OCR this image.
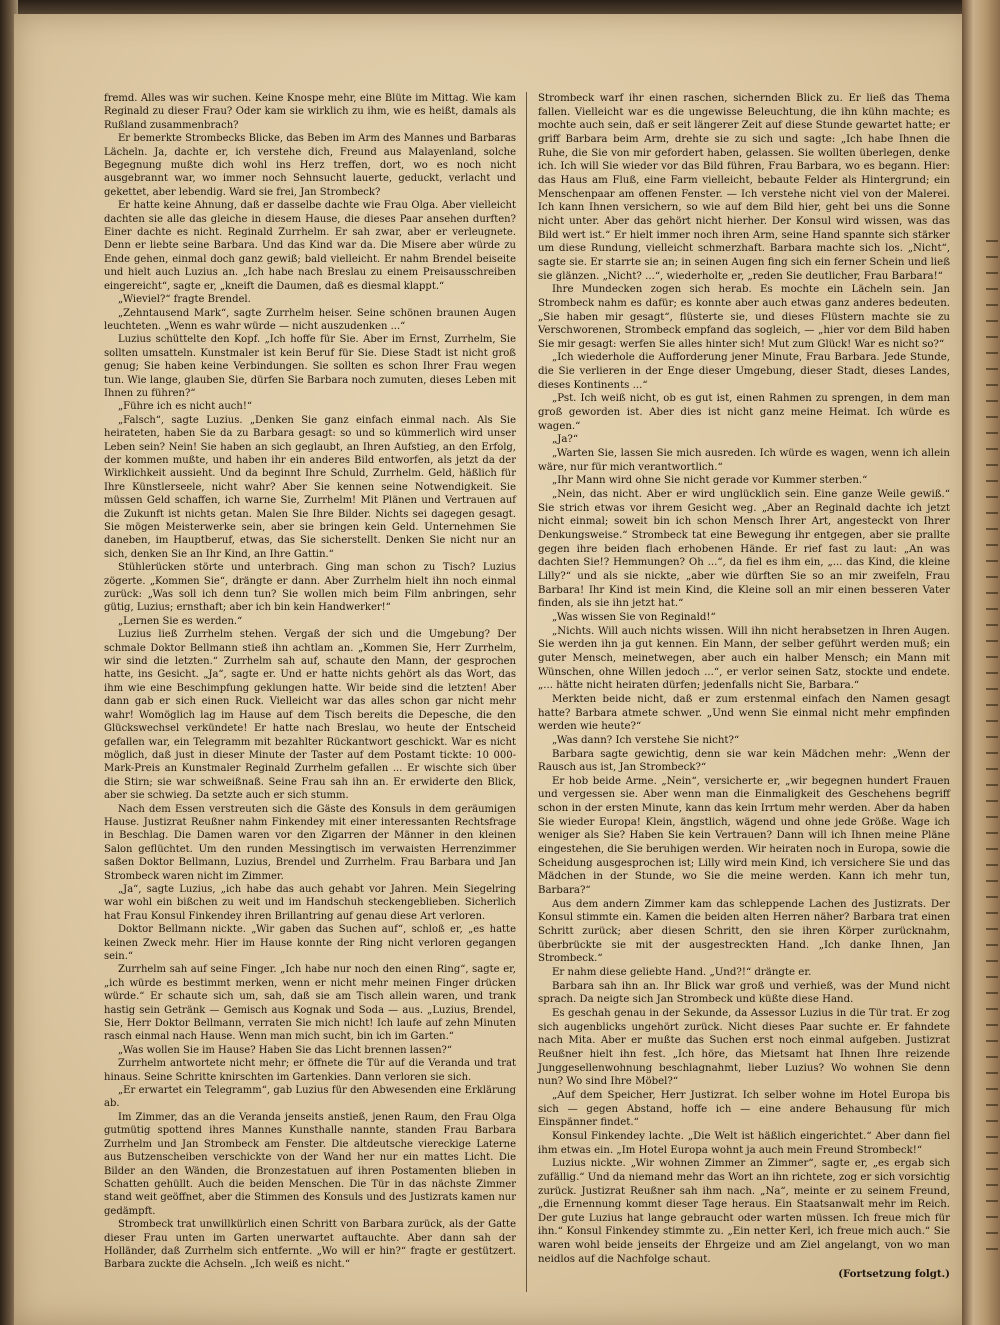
fremd. Alles was wir suchen. Keine Knospe mehr, eine Blüte im Mittag. Wie kam Reginald zu dieser Frau? Oder kam sie wirklich zu ihm, wie es heißt, damals als Rußland zusammenbrach?

Er bemerkte Strombecks Blicke, das Beben im Arm des Mannes und Barbaras Lächeln. Ja, dachte er, ich verstehe dich, Freund aus Malayenland, solche Begegnung mußte dich wohl ins Herz treffen, dort, wo es noch nicht ausgebrannt war, wo immer noch Sehnsucht lauerte, geduckt, verlacht und gekettet, aber lebendig. Ward sie frei, Jan Strombeck?

Er hatte keine Ahnung, daß er dasselbe dachte wie Frau Olga. Aber vielleicht dachten sie alle das gleiche in diesem Hause, die dieses Paar ansehen durften? Einer dachte es nicht. Reginald Zurrhelm. Er sah zwar, aber er verleugnete. Denn er liebte seine Barbara. Und das Kind war da. Die Misere aber würde zu Ende gehen, einmal doch ganz gewiß; bald vielleicht. Er nahm Brendel beiseite und hielt auch Luzius an. „Ich habe nach Breslau zu einem Preisausschreiben eingereicht“, sagte er, „kneift die Daumen, daß es diesmal klappt.“

„Wieviel?“ fragte Brendel.

„Zehntausend Mark“, sagte Zurrhelm heiser. Seine schönen braunen Augen leuchteten. „Wenn es wahr würde — nicht auszudenken ...“

Luzius schüttelte den Kopf. „Ich hoffe für Sie. Aber im Ernst, Zurrhelm, Sie sollten umsatteln. Kunstmaler ist kein Beruf für Sie. Diese Stadt ist nicht groß genug; Sie haben keine Verbindungen. Sie sollten es schon Ihrer Frau wegen tun. Wie lange, glauben Sie, dürfen Sie Barbara noch zumuten, dieses Leben mit Ihnen zu führen?“

„Führe ich es nicht auch!“

„Falsch“, sagte Luzius. „Denken Sie ganz einfach einmal nach. Als Sie heirateten, haben Sie da zu Barbara gesagt: so und so kümmerlich wird unser Leben sein? Nein! Sie haben an sich geglaubt, an Ihren Aufstieg, an den Erfolg, der kommen mußte, und haben ihr ein anderes Bild entworfen, als jetzt da der Wirklichkeit aussieht. Und da beginnt Ihre Schuld, Zurrhelm. Geld, häßlich für Ihre Künstlerseele, nicht wahr? Aber Sie kennen seine Notwendigkeit. Sie müssen Geld schaffen, ich warne Sie, Zurrhelm! Mit Plänen und Vertrauen auf die Zukunft ist nichts getan. Malen Sie Ihre Bilder. Nichts sei dagegen gesagt. Sie mögen Meisterwerke sein, aber sie bringen kein Geld. Unternehmen Sie daneben, im Hauptberuf, etwas, das Sie sicherstellt. Denken Sie nicht nur an sich, denken Sie an Ihr Kind, an Ihre Gattin.“

Stühlerücken störte und unterbrach. Ging man schon zu Tisch? Luzius zögerte. „Kommen Sie“, drängte er dann. Aber Zurrhelm hielt ihn noch einmal zurück: „Was soll ich denn tun? Sie wollen mich beim Film anbringen, sehr gütig, Luzius; ernsthaft; aber ich bin kein Handwerker!“

„Lernen Sie es werden.“

Luzius ließ Zurrhelm stehen. Vergaß der sich und die Umgebung? Der schmale Doktor Bellmann stieß ihn achtlam an. „Kommen Sie, Herr Zurrhelm, wir sind die letzten.“ Zurrhelm sah auf, schaute den Mann, der gesprochen hatte, ins Gesicht. „Ja“, sagte er. Und er hatte nichts gehört als das Wort, das ihm wie eine Beschimpfung geklungen hatte. Wir beide sind die letzten! Aber dann gab er sich einen Ruck. Vielleicht war das alles schon gar nicht mehr wahr! Womöglich lag im Hause auf dem Tisch bereits die Depesche, die den Glückswechsel verkündete! Er hatte nach Breslau, wo heute der Entscheid gefallen war, ein Telegramm mit bezahlter Rückantwort geschickt. War es nicht möglich, daß just in dieser Minute der Taster auf dem Postamt tickte: 10 000-Mark-Preis an Kunstmaler Reginald Zurrhelm gefallen ... Er wischte sich über die Stirn; sie war schweißnaß. Seine Frau sah ihn an. Er erwiderte den Blick, aber sie schwieg. Da setzte auch er sich stumm.

Nach dem Essen verstreuten sich die Gäste des Konsuls in dem geräumigen Hause. Justizrat Reußner nahm Finkendey mit einer interessanten Rechtsfrage in Beschlag. Die Damen waren vor den Zigarren der Männer in den kleinen Salon geflüchtet. Um den runden Messingtisch im verwaisten Herrenzimmer saßen Doktor Bellmann, Luzius, Brendel und Zurrhelm. Frau Barbara und Jan Strombeck waren nicht im Zimmer.

„Ja“, sagte Luzius, „ich habe das auch gehabt vor Jahren. Mein Siegelring war wohl ein bißchen zu weit und im Handschuh steckengeblieben. Sicherlich hat Frau Konsul Finkendey ihren Brillantring auf genau diese Art verloren.

Doktor Bellmann nickte. „Wir gaben das Suchen auf“, schloß er, „es hatte keinen Zweck mehr. Hier im Hause konnte der Ring nicht verloren gegangen sein.“

Zurrhelm sah auf seine Finger. „Ich habe nur noch den einen Ring“, sagte er, „ich würde es bestimmt merken, wenn er nicht mehr meinen Finger drücken würde.“ Er schaute sich um, sah, daß sie am Tisch allein waren, und trank hastig sein Getränk — Gemisch aus Kognak und Soda — aus. „Luzius, Brendel, Sie, Herr Doktor Bellmann, verraten Sie mich nicht! Ich laufe auf zehn Minuten rasch einmal nach Hause. Wenn man mich sucht, bin ich im Garten.“

„Was wollen Sie im Hause? Haben Sie das Licht brennen lassen?“

Zurrhelm antwortete nicht mehr; er öffnete die Tür auf die Veranda und trat hinaus. Seine Schritte knirschten im Gartenkies. Dann verloren sie sich.

„Er erwartet ein Telegramm“, gab Luzius für den Abwesenden eine Erklärung ab.

Im Zimmer, das an die Veranda jenseits anstieß, jenen Raum, den Frau Olga gutmütig spottend ihres Mannes Kunsthalle nannte, standen Frau Barbara Zurrhelm und Jan Strombeck am Fenster. Die altdeutsche viereckige Laterne aus Butzenscheiben verschickte von der Wand her nur ein mattes Licht. Die Bilder an den Wänden, die Bronzestatuen auf ihren Postamenten blieben in Schatten gehüllt. Auch die beiden Menschen. Die Tür in das nächste Zimmer stand weit geöffnet, aber die Stimmen des Konsuls und des Justizrats kamen nur gedämpft.

Strombeck trat unwillkürlich einen Schritt von Barbara zurück, als der Gatte dieser Frau unten im Garten unerwartet auftauchte. Aber dann sah der Holländer, daß Zurrhelm sich entfernte. „Wo will er hin?“ fragte er gestützert. Barbara zuckte die Achseln. „Ich weiß es nicht.“

Strombeck warf ihr einen raschen, sichernden Blick zu. Er ließ das Thema fallen. Vielleicht war es die ungewisse Beleuchtung, die ihn kühn machte; es mochte auch sein, daß er seit längerer Zeit auf diese Stunde gewartet hatte; er griff Barbara beim Arm, drehte sie zu sich und sagte: „Ich habe Ihnen die Ruhe, die Sie von mir gefordert haben, gelassen. Sie wollten überlegen, denke ich. Ich will Sie wieder vor das Bild führen, Frau Barbara, wo es begann. Hier: das Haus am Fluß, eine Farm vielleicht, bebaute Felder als Hintergrund; ein Menschenpaar am offenen Fenster. — Ich verstehe nicht viel von der Malerei. Ich kann Ihnen versichern, so wie auf dem Bild hier, geht bei uns die Sonne nicht unter. Aber das gehört nicht hierher. Der Konsul wird wissen, was das Bild wert ist.“ Er hielt immer noch ihren Arm, seine Hand spannte sich stärker um diese Rundung, vielleicht schmerzhaft. Barbara machte sich los. „Nicht“, sagte sie. Er starrte sie an; in seinen Augen fing sich ein ferner Schein und ließ sie glänzen. „Nicht? ...“, wiederholte er, „reden Sie deutlicher, Frau Barbara!“

Ihre Mundecken zogen sich herab. Es mochte ein Lächeln sein. Jan Strombeck nahm es dafür; es konnte aber auch etwas ganz anderes bedeuten. „Sie haben mir gesagt“, flüsterte sie, und dieses Flüstern machte sie zu Verschworenen, Strombeck empfand das sogleich, — „hier vor dem Bild haben Sie mir gesagt: werfen Sie alles hinter sich! Mut zum Glück! War es nicht so?“

„Ich wiederhole die Aufforderung jener Minute, Frau Barbara. Jede Stunde, die Sie verlieren in der Enge dieser Umgebung, dieser Stadt, dieses Landes, dieses Kontinents ...“

„Pst. Ich weiß nicht, ob es gut ist, einen Rahmen zu sprengen, in dem man groß geworden ist. Aber dies ist nicht ganz meine Heimat. Ich würde es wagen.“

„Ja?“

„Warten Sie, lassen Sie mich ausreden. Ich würde es wagen, wenn ich allein wäre, nur für mich verantwortlich.“

„Ihr Mann wird ohne Sie nicht gerade vor Kummer sterben.“

„Nein, das nicht. Aber er wird unglücklich sein. Eine ganze Weile gewiß.“ Sie strich etwas vor ihrem Gesicht weg. „Aber an Reginald dachte ich jetzt nicht einmal; soweit bin ich schon Mensch Ihrer Art, angesteckt von Ihrer Denkungsweise.“ Strombeck tat eine Bewegung ihr entgegen, aber sie prallte gegen ihre beiden flach erhobenen Hände. Er rief fast zu laut: „An was dachten Sie!? Hemmungen? Oh ...“, da fiel es ihm ein, „... das Kind, die kleine Lilly?“ und als sie nickte, „aber wie dürften Sie so an mir zweifeln, Frau Barbara! Ihr Kind ist mein Kind, die Kleine soll an mir einen besseren Vater finden, als sie ihn jetzt hat.“

„Was wissen Sie von Reginald!“

„Nichts. Will auch nichts wissen. Will ihn nicht herabsetzen in Ihren Augen. Sie werden ihn ja gut kennen. Ein Mann, der selber geführt werden muß; ein guter Mensch, meinetwegen, aber auch ein halber Mensch; ein Mann mit Wünschen, ohne Willen jedoch ...“, er verlor seinen Satz, stockte und endete. „... hätte nicht heiraten dürfen; jedenfalls nicht Sie, Barbara.“

Merkten beide nicht, daß er zum erstenmal einfach den Namen gesagt hatte? Barbara atmete schwer. „Und wenn Sie einmal nicht mehr empfinden werden wie heute?“

„Was dann? Ich verstehe Sie nicht?“

Barbara sagte gewichtig, denn sie war kein Mädchen mehr: „Wenn der Rausch aus ist, Jan Strombeck?“

Er hob beide Arme. „Nein“, versicherte er, „wir begegnen hundert Frauen und vergessen sie. Aber wenn man die Einmaligkeit des Geschehens begriff schon in der ersten Minute, kann das kein Irrtum mehr werden. Aber da haben Sie wieder Europa! Klein, ängstlich, wägend und ohne jede Größe. Wage ich weniger als Sie? Haben Sie kein Vertrauen? Dann will ich Ihnen meine Pläne eingestehen, die Sie beruhigen werden. Wir heiraten noch in Europa, sowie die Scheidung ausgesprochen ist; Lilly wird mein Kind, ich versichere Sie und das Mädchen in der Stunde, wo Sie die meine werden. Kann ich mehr tun, Barbara?“

Aus dem andern Zimmer kam das schleppende Lachen des Justizrats. Der Konsul stimmte ein. Kamen die beiden alten Herren näher? Barbara trat einen Schritt zurück; aber diesen Schritt, den sie ihren Körper zurücknahm, überbrückte sie mit der ausgestreckten Hand. „Ich danke Ihnen, Jan Strombeck.“

Er nahm diese geliebte Hand. „Und?!“ drängte er.

Barbara sah ihn an. Ihr Blick war groß und verhieß, was der Mund nicht sprach. Da neigte sich Jan Strombeck und küßte diese Hand.

Es geschah genau in der Sekunde, da Assessor Luzius in die Tür trat. Er zog sich augenblicks ungehört zurück. Nicht dieses Paar suchte er. Er fahndete nach Mita. Aber er mußte das Suchen erst noch einmal aufgeben. Justizrat Reußner hielt ihn fest. „Ich höre, das Mietsamt hat Ihnen Ihre reizende Junggesellenwohnung beschlagnahmt, lieber Luzius? Wo wohnen Sie denn nun? Wo sind Ihre Möbel?“

„Auf dem Speicher, Herr Justizrat. Ich selber wohne im Hotel Europa bis sich — gegen Abstand, hoffe ich — eine andere Behausung für mich Einspänner findet.“

Konsul Finkendey lachte. „Die Welt ist häßlich eingerichtet.“ Aber dann fiel ihm etwas ein. „Im Hotel Europa wohnt ja auch mein Freund Strombeck!“

Luzius nickte. „Wir wohnen Zimmer an Zimmer“, sagte er, „es ergab sich zufällig.“ Und da niemand mehr das Wort an ihn richtete, zog er sich vorsichtig zurück. Justizrat Reußner sah ihm nach. „Na“, meinte er zu seinem Freund, „die Ernennung kommt dieser Tage heraus. Ein Staatsanwalt mehr im Reich. Der gute Luzius hat lange gebraucht oder warten müssen. Ich freue mich für ihn.“ Konsul Finkendey stimmte zu. „Ein netter Kerl, ich freue mich auch.“ Sie waren wohl beide jenseits der Ehrgeize und am Ziel angelangt, von wo man neidlos auf die Nachfolge schaut.

(Fortsetzung folgt.)
